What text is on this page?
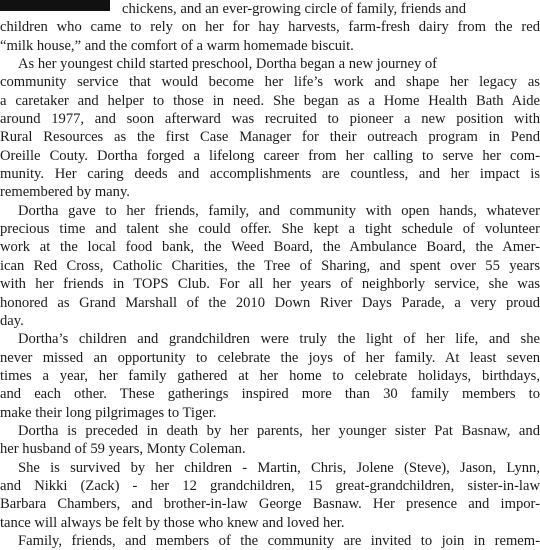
chickens, and an ever-growing circle of family, friends and
children who came to rely on her for hay harvests, farm-fresh dairy from the red
“milk house,” and the comfort of a warm homemade biscuit.
As her youngest child started preschool, Dortha began a new journey of
community service that would become her life’s work and shape her legacy as
a caretaker and helper to those in need. She began as a Home Health Bath Aide
around 1977, and soon afterward was recruited to pioneer a new position with
Rural Resources as the first Case Manager for their outreach program in Pend
Oreille Couty. Dortha forged a lifelong career from her calling to serve her com-
munity. Her caring deeds and accomplishments are countless, and her impact is
remembered by many.
Dortha gave to her friends, family, and community with open hands, whatever
precious time and talent she could offer. She kept a tight schedule of volunteer
work at the local food bank, the Weed Board, the Ambulance Board, the Amer-
ican Red Cross, Catholic Charities, the Tree of Sharing, and spent over 55 years
with her friends in TOPS Club. For all her years of neighborly service, she was
honored as Grand Marshall of the 2010 Down River Days Parade, a very proud
day.
Dortha’s children and grandchildren were truly the light of her life, and she
never missed an opportunity to celebrate the joys of her family. At least seven
times a year, her family gathered at her home to celebrate holidays, birthdays,
and each other. These gatherings inspired more than 30 family members to
make their long pilgrimages to Tiger.
Dortha is preceded in death by her parents, her younger sister Pat Basnaw, and
her husband of 59 years, Monty Coleman.
She is survived by her children - Martin, Chris, Jolene (Steve), Jason, Lynn,
and Nikki (Zack) - her 12 grandchildren, 15 great-grandchildren, sister-in-law
Barbara Chambers, and brother-in-law George Basnaw. Her presence and impor-
tance will always be felt by those who knew and loved her.
Family, friends, and members of the community are invited to join in remem-
